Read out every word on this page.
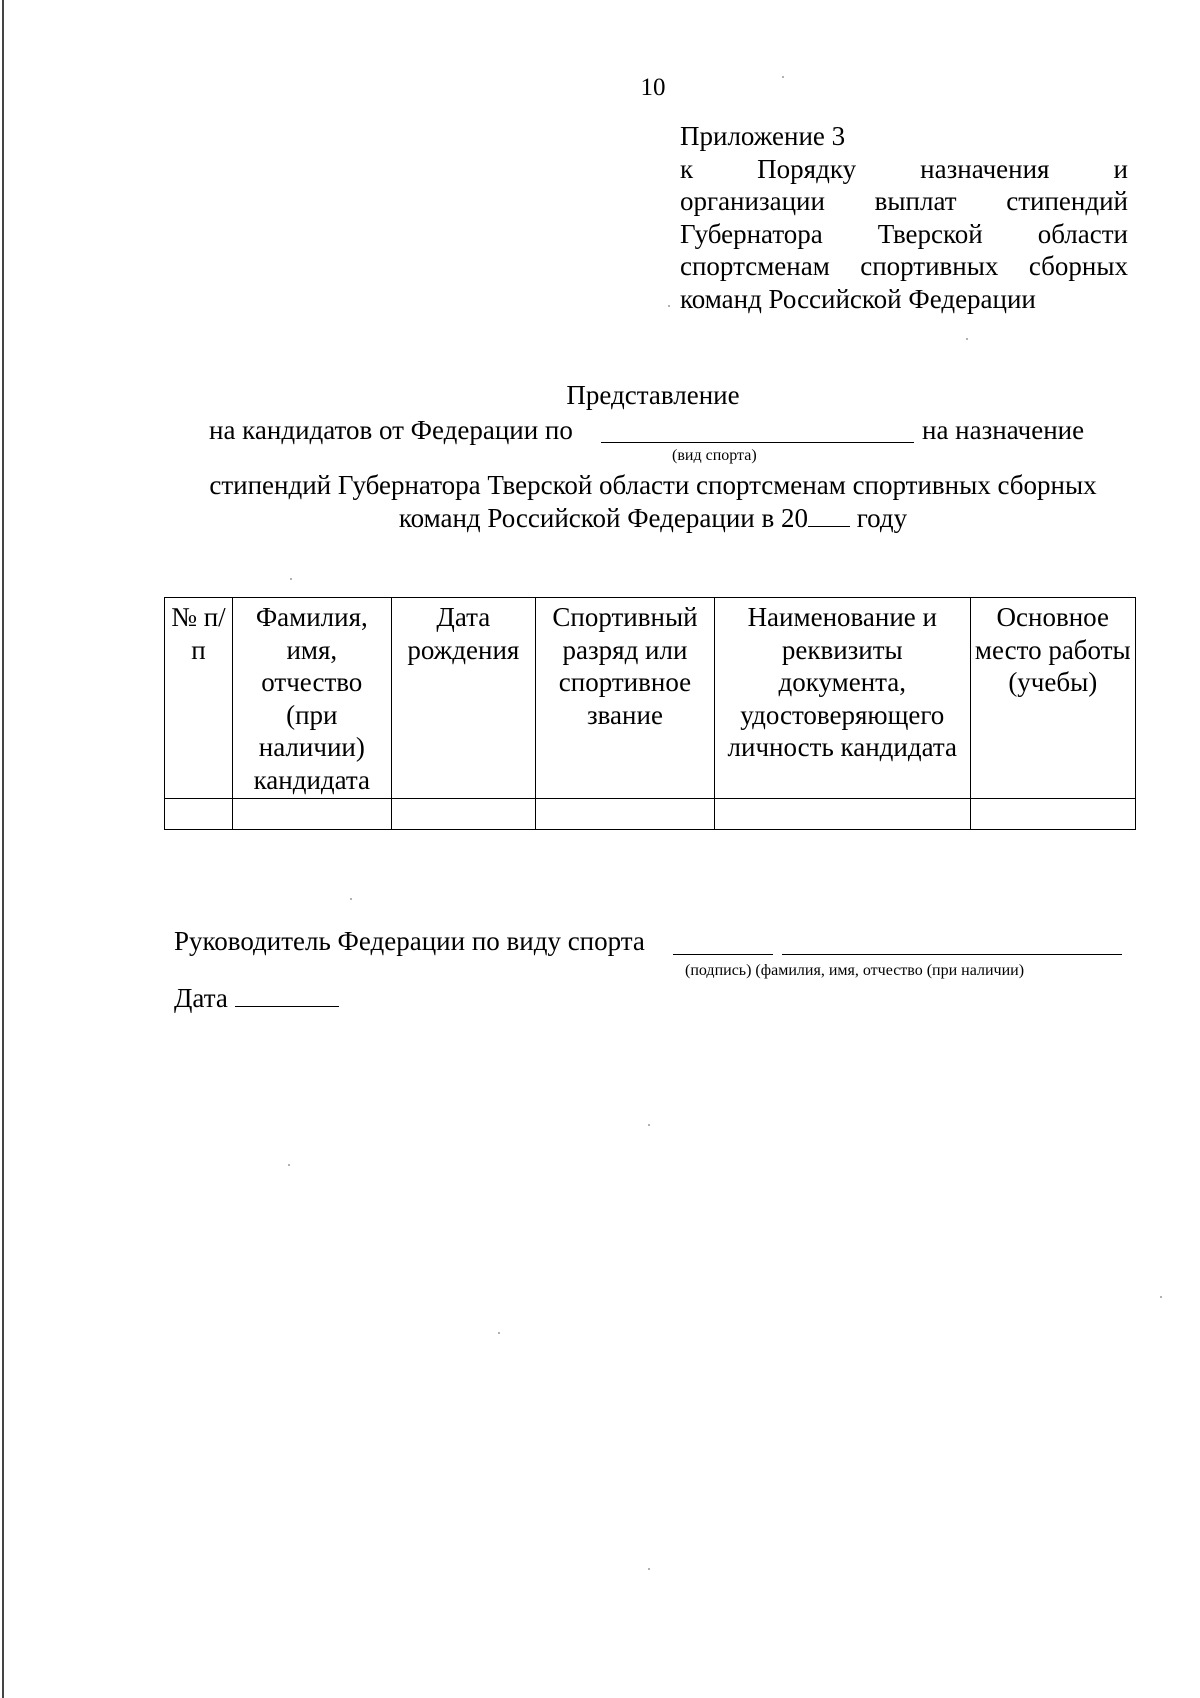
10
Приложение 3
к Порядку назначения и
организации выплат стипендий
Губернатора Тверской области
спортсменам спортивных сборных
команд Российской Федерации
Представление
на кандидатов от Федерации по	на назначение
(вид спорта)
стипендий Губернатора Тверской области спортсменам спортивных сборных
команд Российской Федерации в 20 году
№ п/п	Фамилия, имя, отчество (при наличии) кандидата	Дата рождения	Спортивный разряд или спортивное звание	Наименование и реквизиты документа, удостоверяющего личность кандидата	Основное место работы (учебы)

Руководитель Федерации по виду спорта
(подпись) (фамилия, имя, отчество (при наличии)
Дата
